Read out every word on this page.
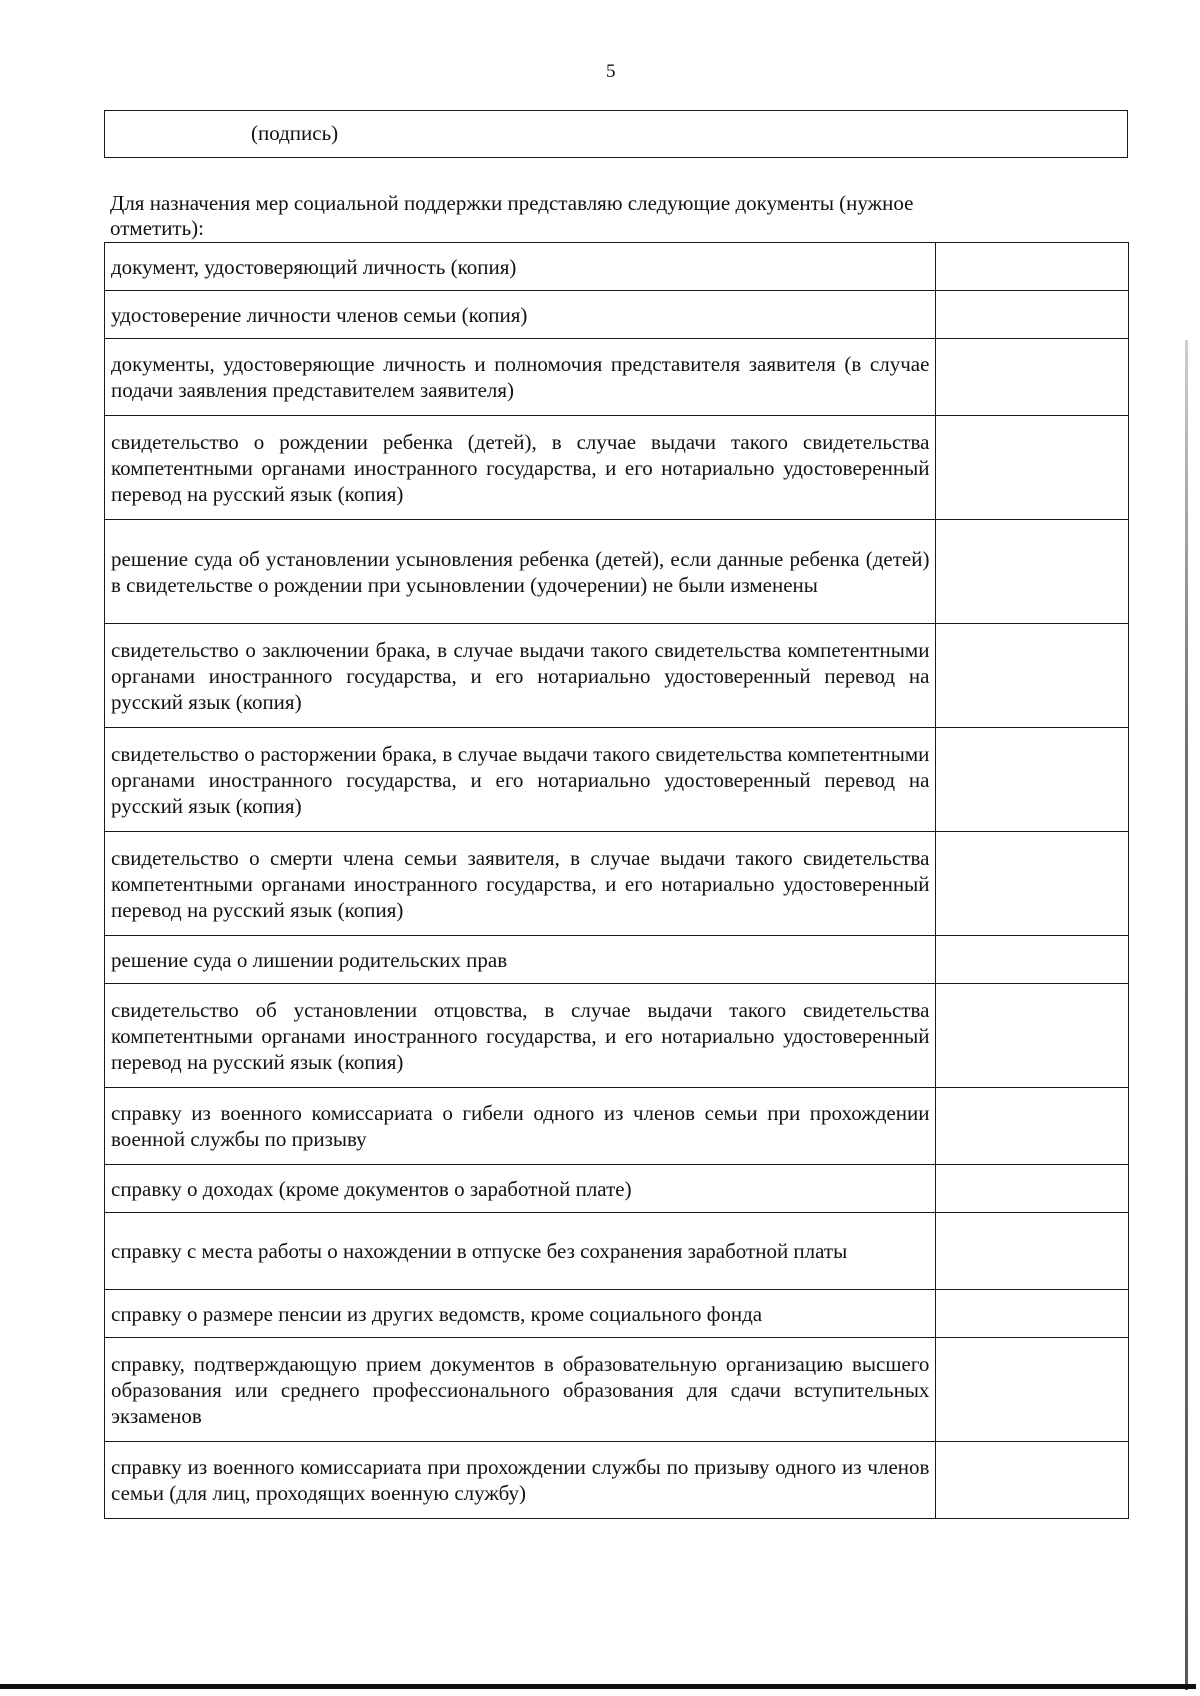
5
(подпись)
Для назначения мер социальной поддержки представляю следующие документы (нужное отметить):
документ, удостоверяющий личность (копия)	
удостоверение личности членов семьи (копия)	
документы, удостоверяющие личность и полномочия представителя заявителя (в случае подачи заявления представителем заявителя)	
свидетельство о рождении ребенка (детей), в случае выдачи такого свидетельства компетентными органами иностранного государства, и его нотариально удостоверенный перевод на русский язык (копия)	
решение суда об установлении усыновления ребенка (детей), если данные ребенка (детей) в свидетельстве о рождении при усыновлении (удочерении) не были изменены	
свидетельство о заключении брака, в случае выдачи такого свидетельства компетентными органами иностранного государства, и его нотариально удостоверенный перевод на русский язык (копия)	
свидетельство о расторжении брака, в случае выдачи такого свидетельства компетентными органами иностранного государства, и его нотариально удостоверенный перевод на русский язык (копия)	
свидетельство о смерти члена семьи заявителя, в случае выдачи такого свидетельства компетентными органами иностранного государства, и его нотариально удостоверенный перевод на русский язык (копия)	
решение суда о лишении родительских прав	
свидетельство об установлении отцовства, в случае выдачи такого свидетельства компетентными органами иностранного государства, и его нотариально удостоверенный перевод на русский язык (копия)	
справку из военного комиссариата о гибели одного из членов семьи при прохождении военной службы по призыву	
справку о доходах (кроме документов о заработной плате)	
справку с места работы о нахождении в отпуске без сохранения заработной платы	
справку о размере пенсии из других ведомств, кроме социального фонда	
справку, подтверждающую прием документов в образовательную организацию высшего образования или среднего профессионального образования для сдачи вступительных экзаменов	
справку из военного комиссариата при прохождении службы по призыву одного из членов семьи (для лиц, проходящих военную службу)	
